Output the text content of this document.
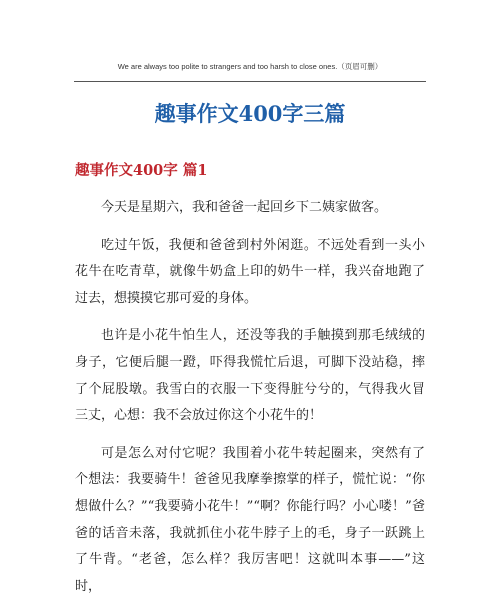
We are always too polite to strangers and too harsh to close ones.（页眉可删）
趣事作文400字三篇
趣事作文400字 篇1

今天是星期六，我和爸爸一起回乡下二姨家做客。

吃过午饭，我便和爸爸到村外闲逛。不远处看到一头小花牛在吃青草，就像牛奶盒上印的奶牛一样，我兴奋地跑了过去，想摸摸它那可爱的身体。

也许是小花牛怕生人，还没等我的手触摸到那毛绒绒的身子，它便后腿一蹬，吓得我慌忙后退，可脚下没站稳，摔了个屁股墩。我雪白的衣服一下变得脏兮兮的，气得我火冒三丈，心想：我不会放过你这个小花牛的！

可是怎么对付它呢？我围着小花牛转起圈来，突然有了个想法：我要骑牛！爸爸见我摩拳擦掌的样子，慌忙说：“你想做什么？”“我要骑小花牛！”“啊？你能行吗？小心喽！”爸爸的话音未落，我就抓住小花牛脖子上的毛，身子一跃跳上了牛背。“老爸，怎么样？我厉害吧！这就叫本事——”这时，
